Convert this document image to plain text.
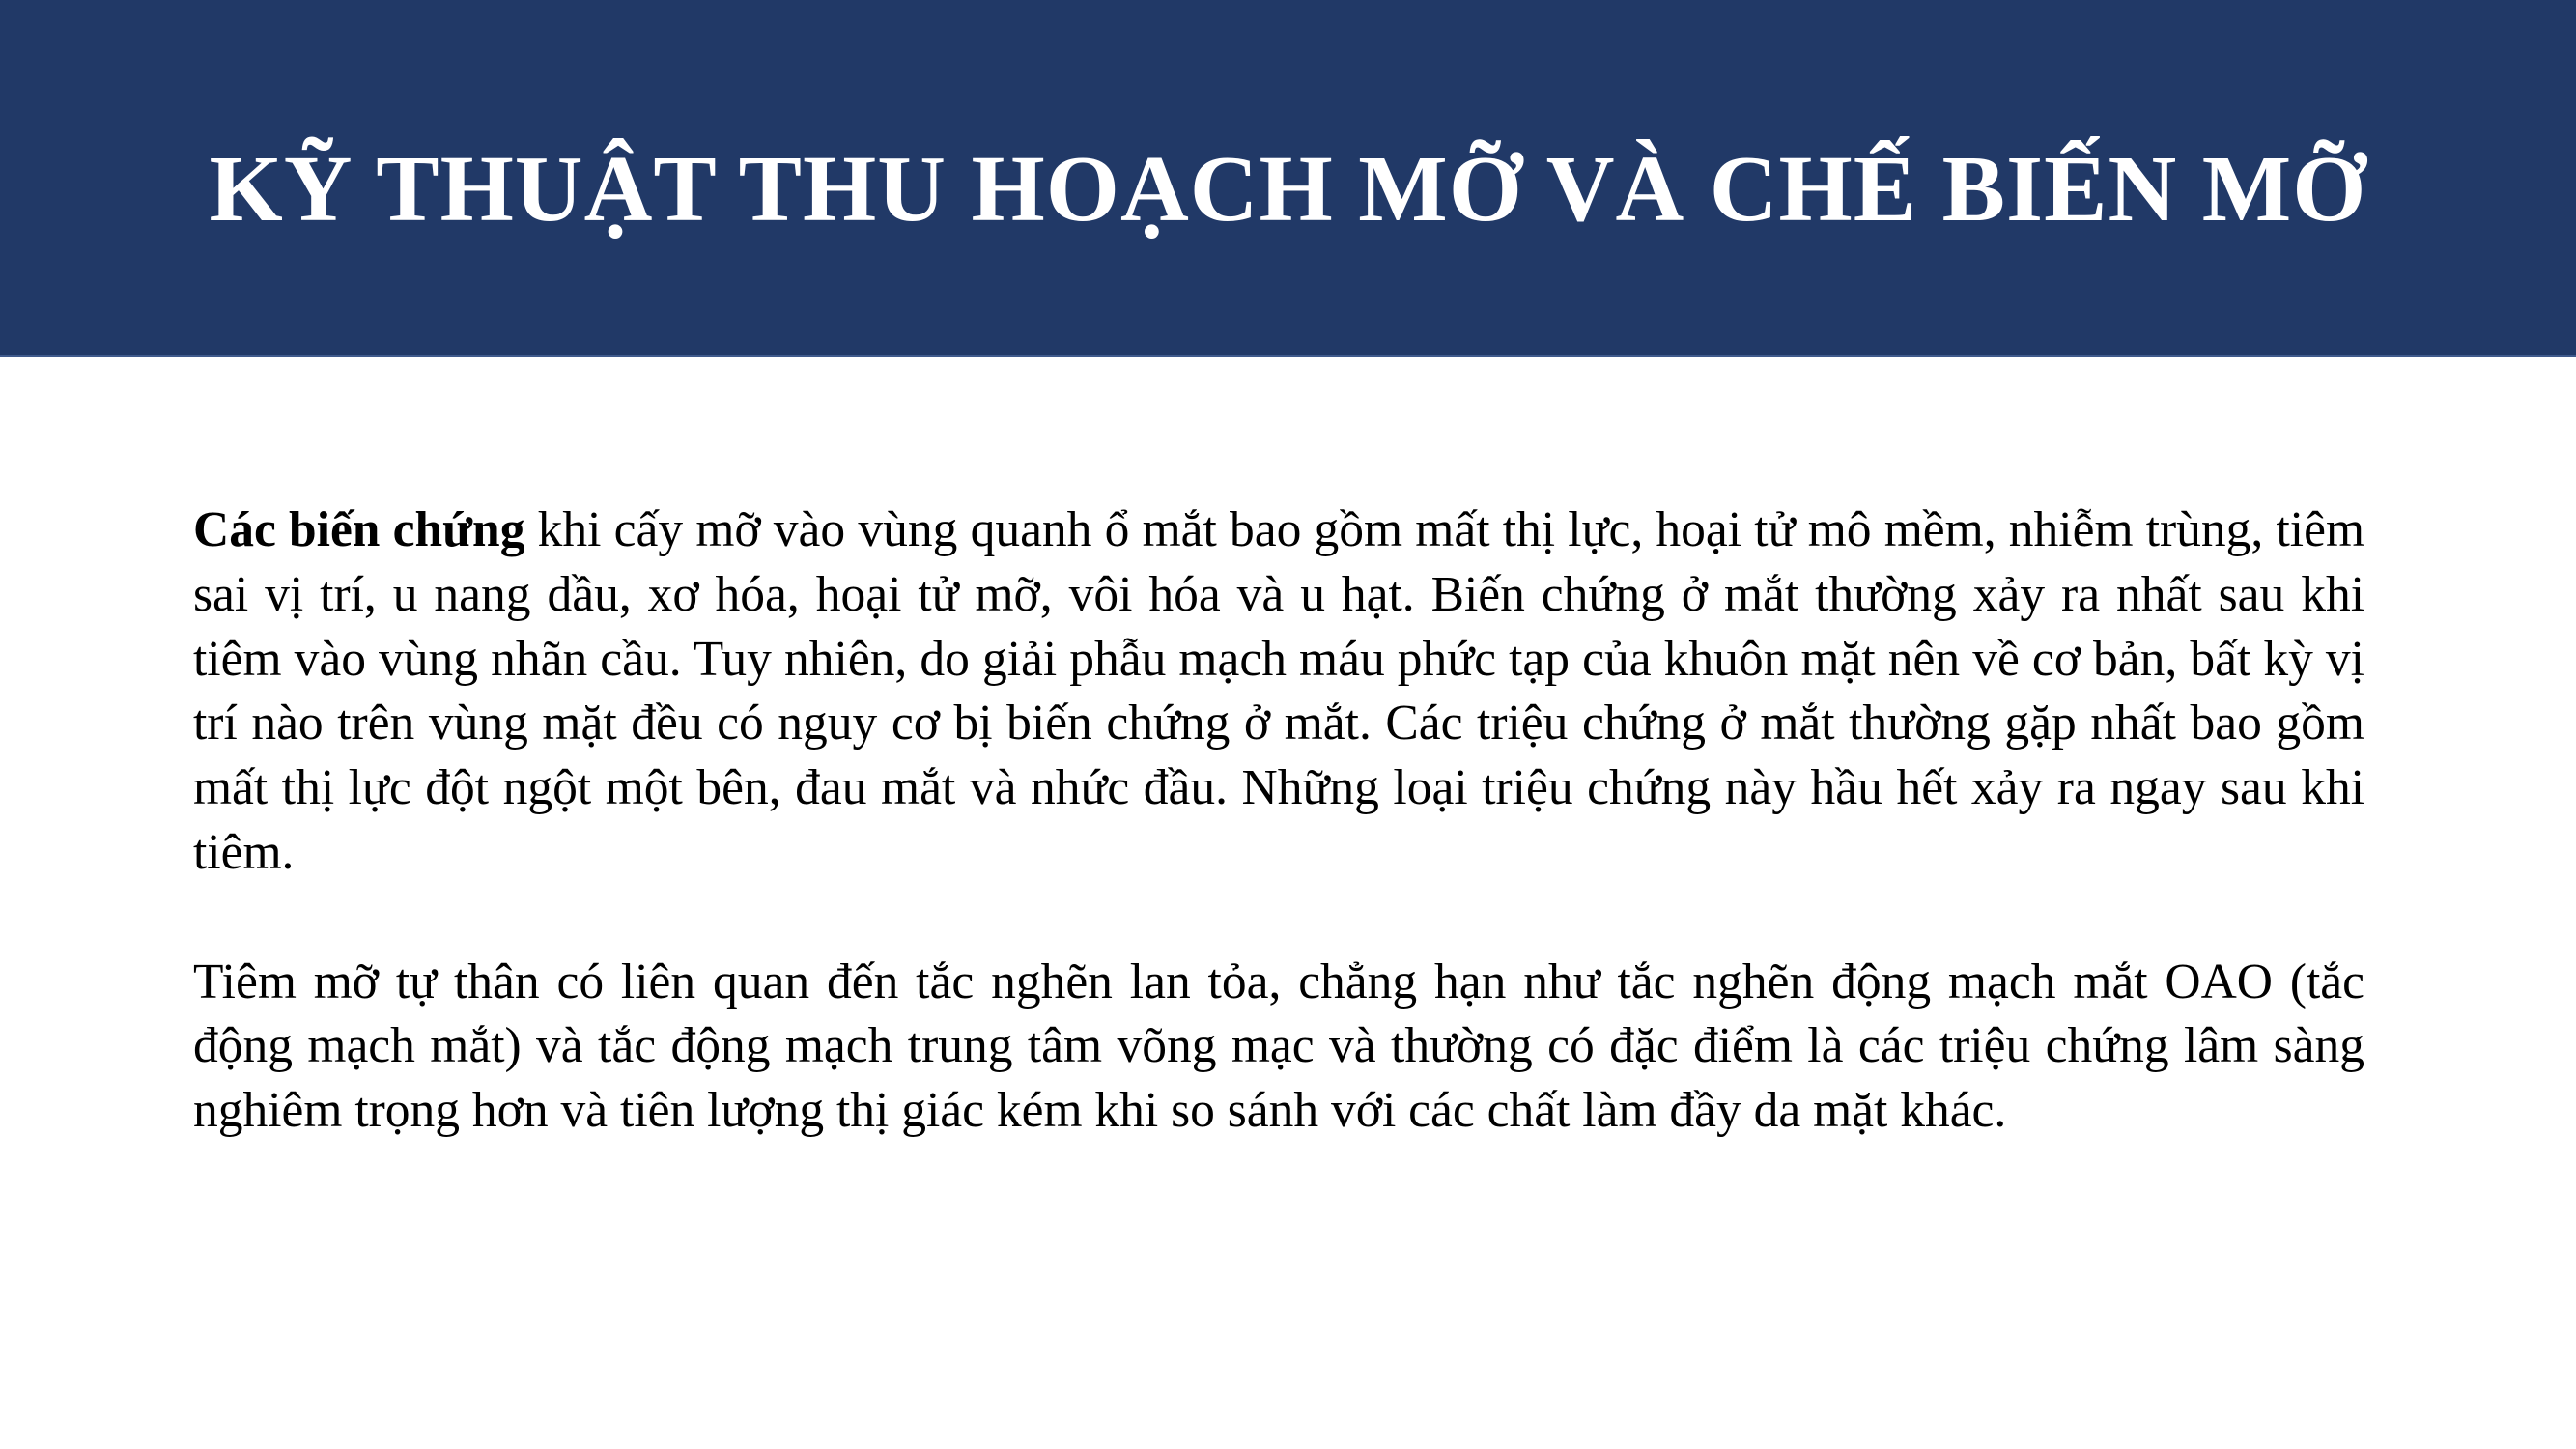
KỸ THUẬT THU HOẠCH MỠ VÀ CHẾ BIẾN MỠ

Các biến chứng khi cấy mỡ vào vùng quanh ổ mắt bao gồm mất thị lực, hoại tử mô mềm, nhiễm trùng, tiêm sai vị trí, u nang dầu, xơ hóa, hoại tử mỡ, vôi hóa và u hạt. Biến chứng ở mắt thường xảy ra nhất sau khi tiêm vào vùng nhãn cầu. Tuy nhiên, do giải phẫu mạch máu phức tạp của khuôn mặt nên về cơ bản, bất kỳ vị trí nào trên vùng mặt đều có nguy cơ bị biến chứng ở mắt. Các triệu chứng ở mắt thường gặp nhất bao gồm mất thị lực đột ngột một bên, đau mắt và nhức đầu. Những loại triệu chứng này hầu hết xảy ra ngay sau khi tiêm.

Tiêm mỡ tự thân có liên quan đến tắc nghẽn lan tỏa, chẳng hạn như tắc nghẽn động mạch mắt OAO (tắc động mạch mắt) và tắc động mạch trung tâm võng mạc và thường có đặc điểm là các triệu chứng lâm sàng nghiêm trọng hơn và tiên lượng thị giác kém khi so sánh với các chất làm đầy da mặt khác.
